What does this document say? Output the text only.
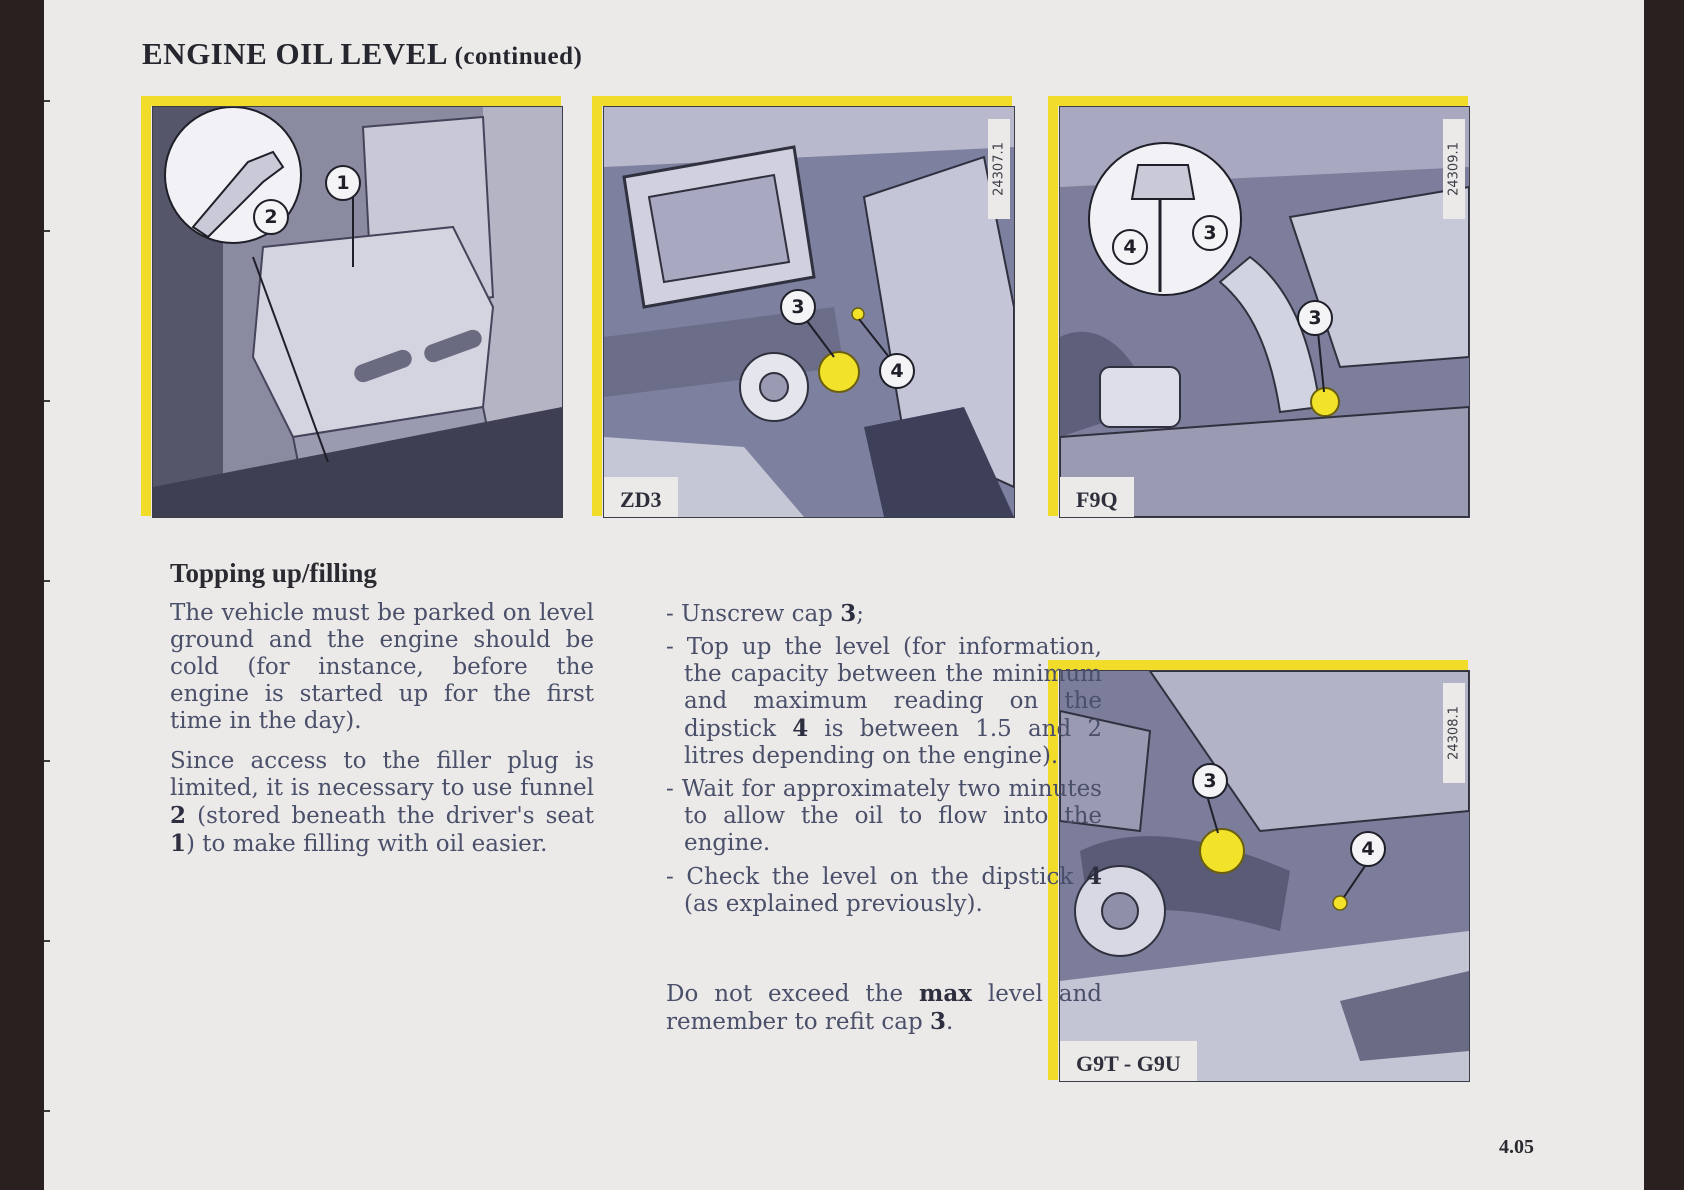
ENGINE OIL LEVEL (continued)
1
2
3
4
24307.1
ZD3
3
4
3
24309.1
F9Q
3
4
24308.1
G9T - G9U
Topping up/filling
The vehicle must be parked on level ground and the engine should be cold (for instance, before the engine is started up for the first time in the day).
Since access to the filler plug is limited, it is necessary to use funnel 2 (stored beneath the driver's seat 1) to make filling with oil easier.
- Unscrew cap 3;
- Top up the level (for information, the capacity between the minimum and maximum reading on the dipstick 4 is between 1.5 and 2 litres depending on the engine).
- Wait for approximately two minutes to allow the oil to flow into the engine.
- Check the level on the dipstick 4 (as explained previously).
Do not exceed the max level and remember to refit cap 3.
4.05
